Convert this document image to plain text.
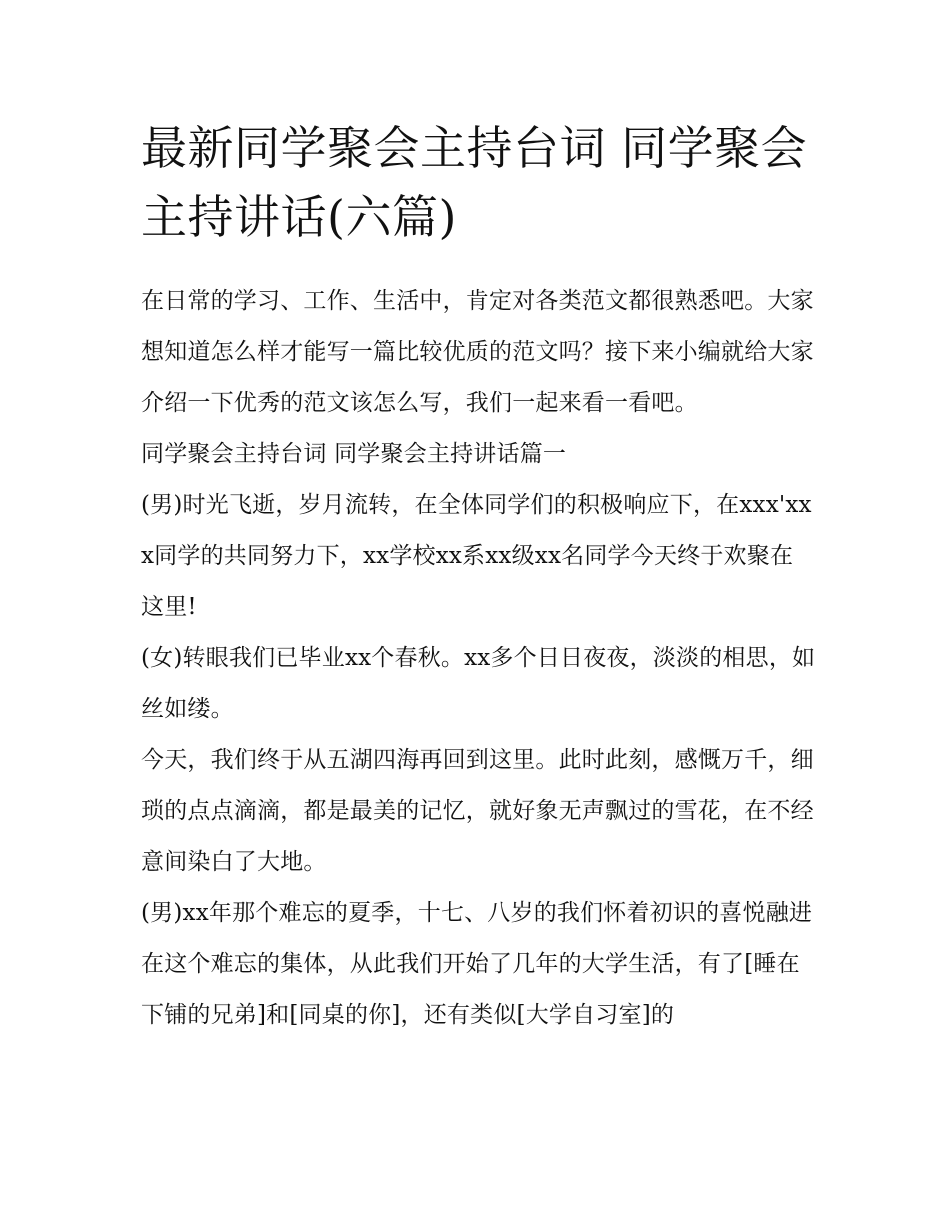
最新同学聚会主持台词 同学聚会主持讲话(六篇)

在日常的学习、工作、生活中，肯定对各类范文都很熟悉吧。大家想知道怎么样才能写一篇比较优质的范文吗？接下来小编就给大家介绍一下优秀的范文该怎么写，我们一起来看一看吧。

同学聚会主持台词 同学聚会主持讲话篇一

(男)时光飞逝，岁月流转，在全体同学们的积极响应下，在xxx'xxx同学的共同努力下，xx学校xx系xx级xx名同学今天终于欢聚在这里!

(女)转眼我们已毕业xx个春秋。xx多个日日夜夜，淡淡的相思，如丝如缕。

今天，我们终于从五湖四海再回到这里。此时此刻，感慨万千，细琐的点点滴滴，都是最美的记忆，就好象无声飘过的雪花，在不经意间染白了大地。

(男)xx年那个难忘的夏季，十七、八岁的我们怀着初识的喜悦融进在这个难忘的集体，从此我们开始了几年的大学生活，有了[睡在下铺的兄弟]和[同桌的你]，还有类似[大学自习室]的
